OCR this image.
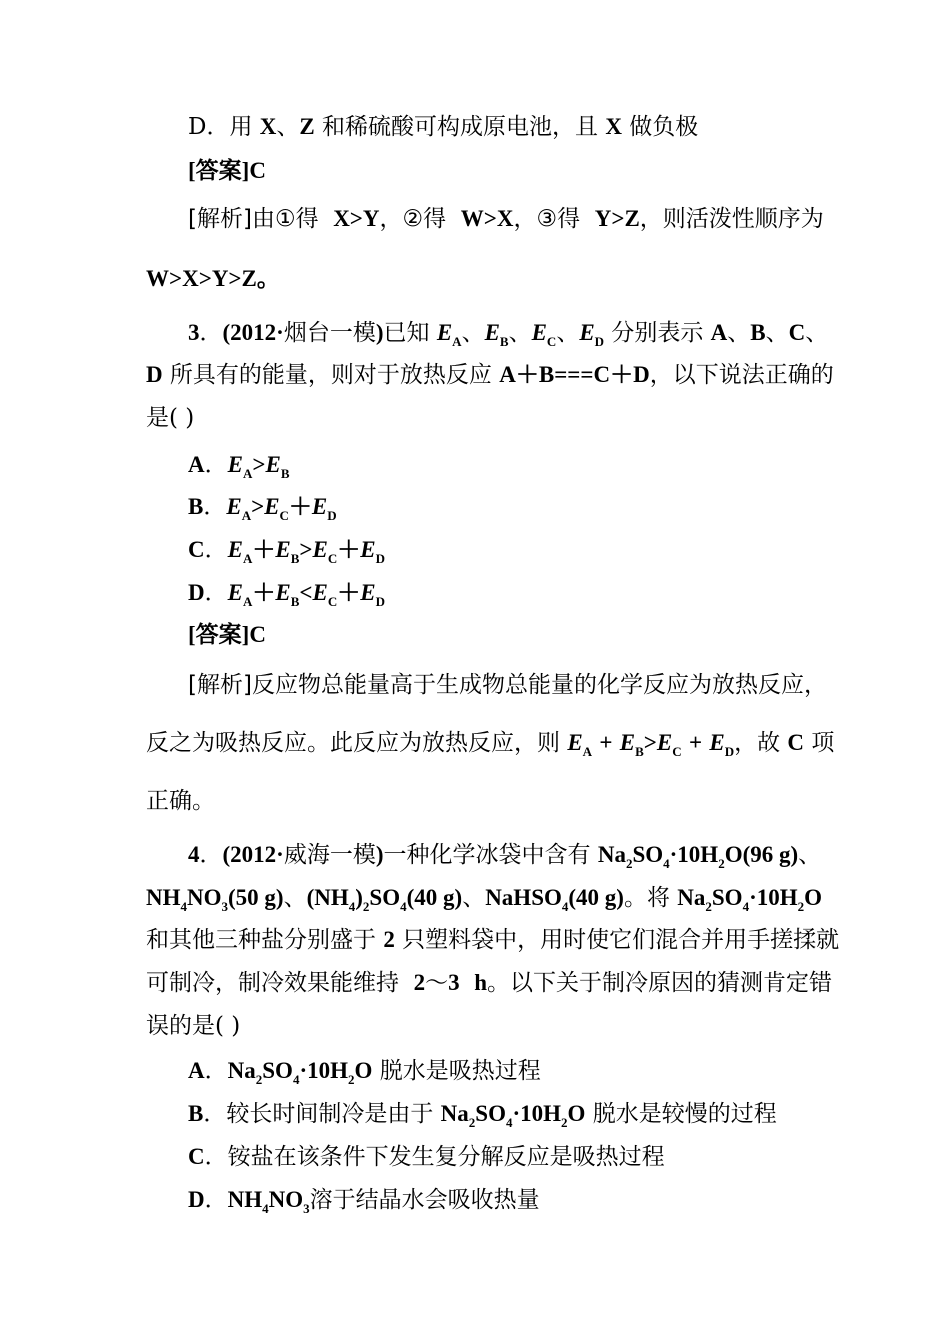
D．用 X、Z 和稀硫酸可构成原电池，且 X 做负极
[答案]C
[解析]由①得  X>Y，②得  W>X，③得  Y>Z，则活泼性顺序为
W>X>Y>Z。
3．(2012·烟台一模)已知 $E_A$、$E_B$、$E_C$、$E_D$ 分别表示 A、B、C、
D 所具有的能量，则对于放热反应 A＋B===C＋D，以下说法正确的
是( )
A．$E_A>E_B$
B．$E_A>E_C+E_D$
C．$E_A+E_B>E_C+E_D$
D．$E_A+E_B<E_C+E_D$
[答案]C
[解析]反应物总能量高于生成物总能量的化学反应为放热反应，
反之为吸热反应。此反应为放热反应，则 $E_A + E_B>E_C + E_D$，故 C 项
正确。
4．(2012·威海一模)一种化学冰袋中含有 $Na_2SO_4\cdot 10H_2O(96$ g)、
$NH_4NO_3(50$ g)、$(NH_4)_2SO_4(40$ g)、NaHSO$_4$(40 g)。将 $Na_2SO_4\cdot 10H_2O$
和其他三种盐分别盛于 2 只塑料袋中，用时使它们混合并用手搓揉就
可制冷，制冷效果能维持  2～3 h。以下关于制冷原因的猜测肯定错
误的是( )
A．$Na_2SO_4\cdot 10H_2O$ 脱水是吸热过程
B．较长时间制冷是由于 $Na_2SO_4\cdot 10H_2O$ 脱水是较慢的过程
C．铵盐在该条件下发生复分解反应是吸热过程
D．$NH_4NO_3$溶于结晶水会吸收热量
